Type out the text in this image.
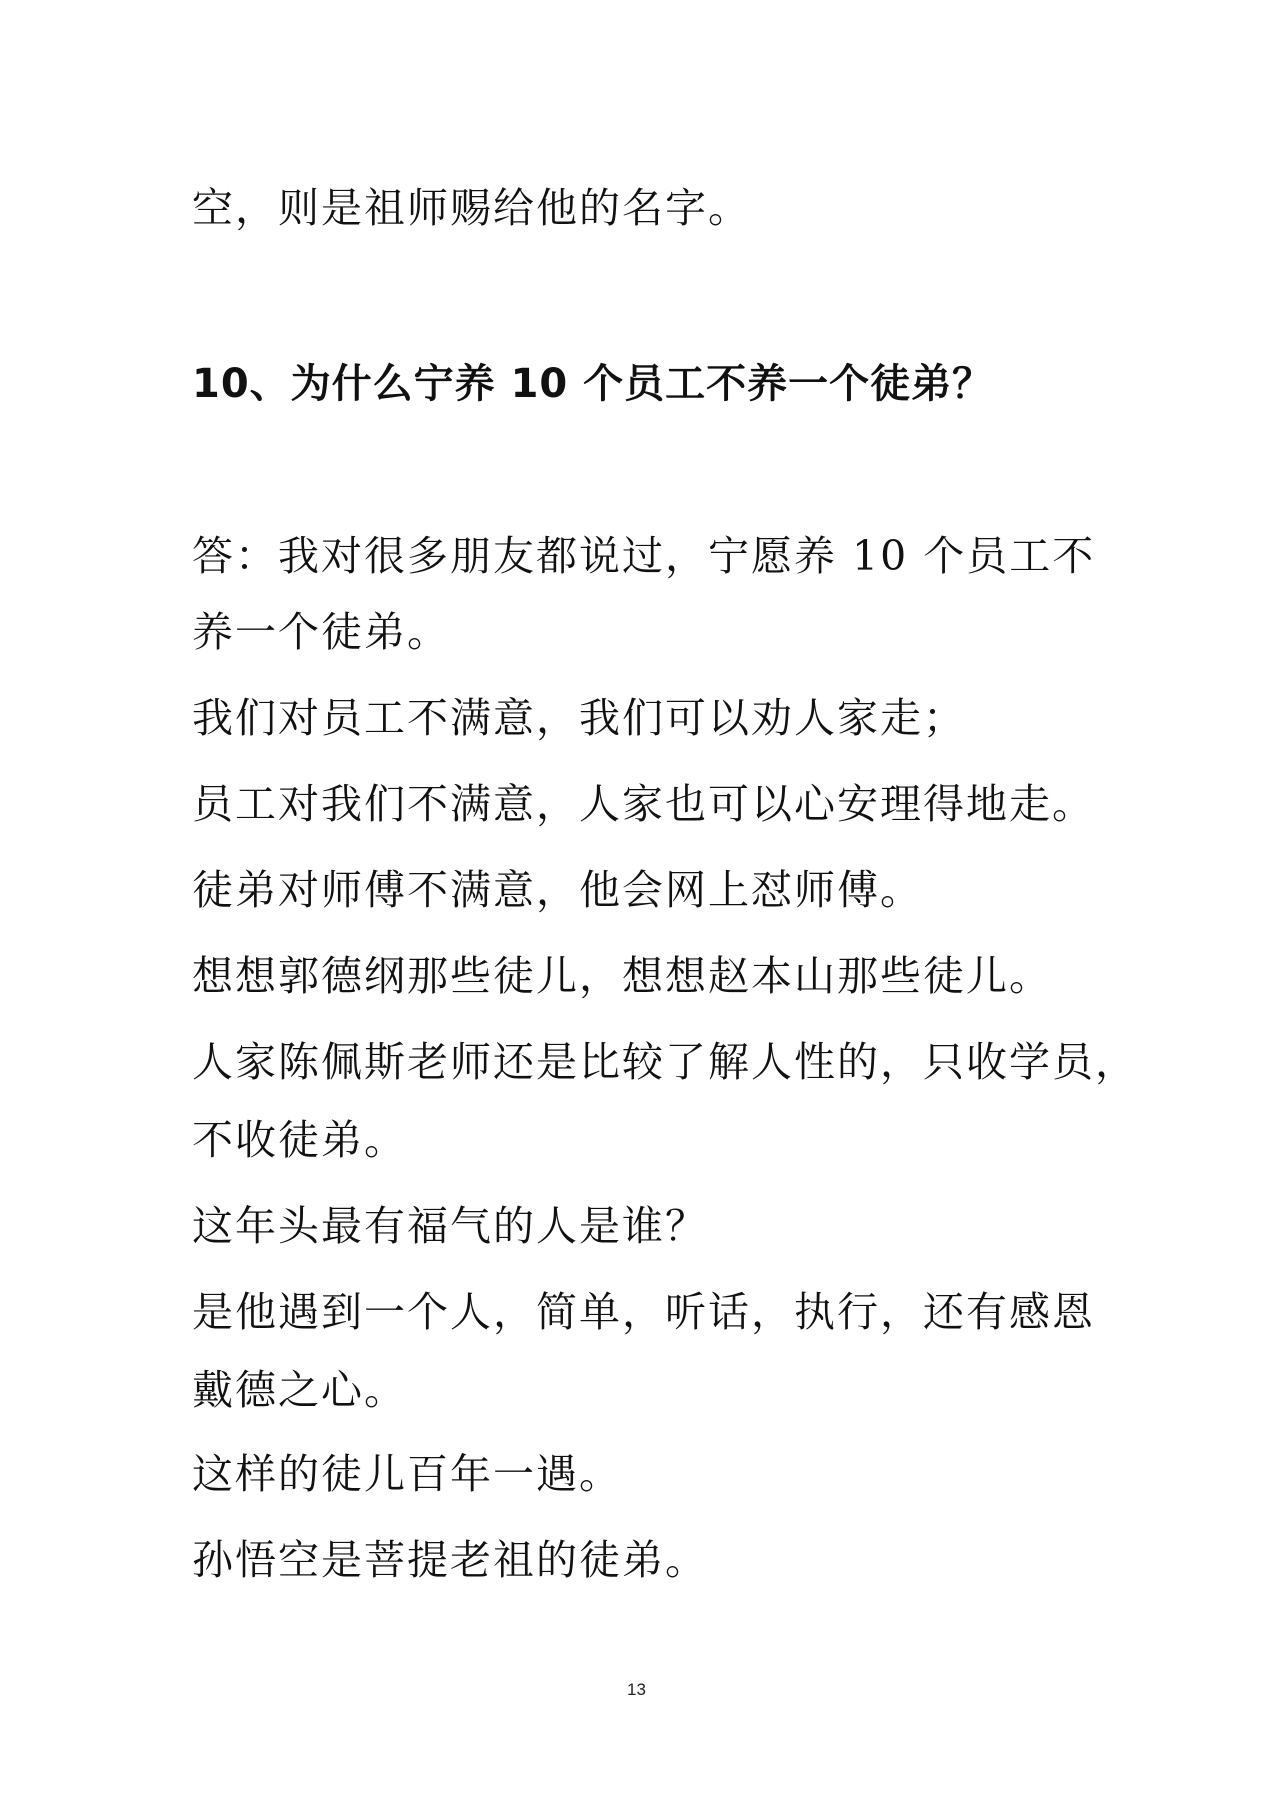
空，则是祖师赐给他的名字。
10、为什么宁养 10 个员工不养一个徒弟？
答：我对很多朋友都说过，宁愿养 10 个员工不
养一个徒弟。
我们对员工不满意，我们可以劝人家走；
员工对我们不满意，人家也可以心安理得地走。
徒弟对师傅不满意，他会网上怼师傅。
想想郭德纲那些徒儿，想想赵本山那些徒儿。
人家陈佩斯老师还是比较了解人性的，只收学员，
不收徒弟。
这年头最有福气的人是谁？
是他遇到一个人，简单，听话，执行，还有感恩
戴德之心。
这样的徒儿百年一遇。
孙悟空是菩提老祖的徒弟。
13
